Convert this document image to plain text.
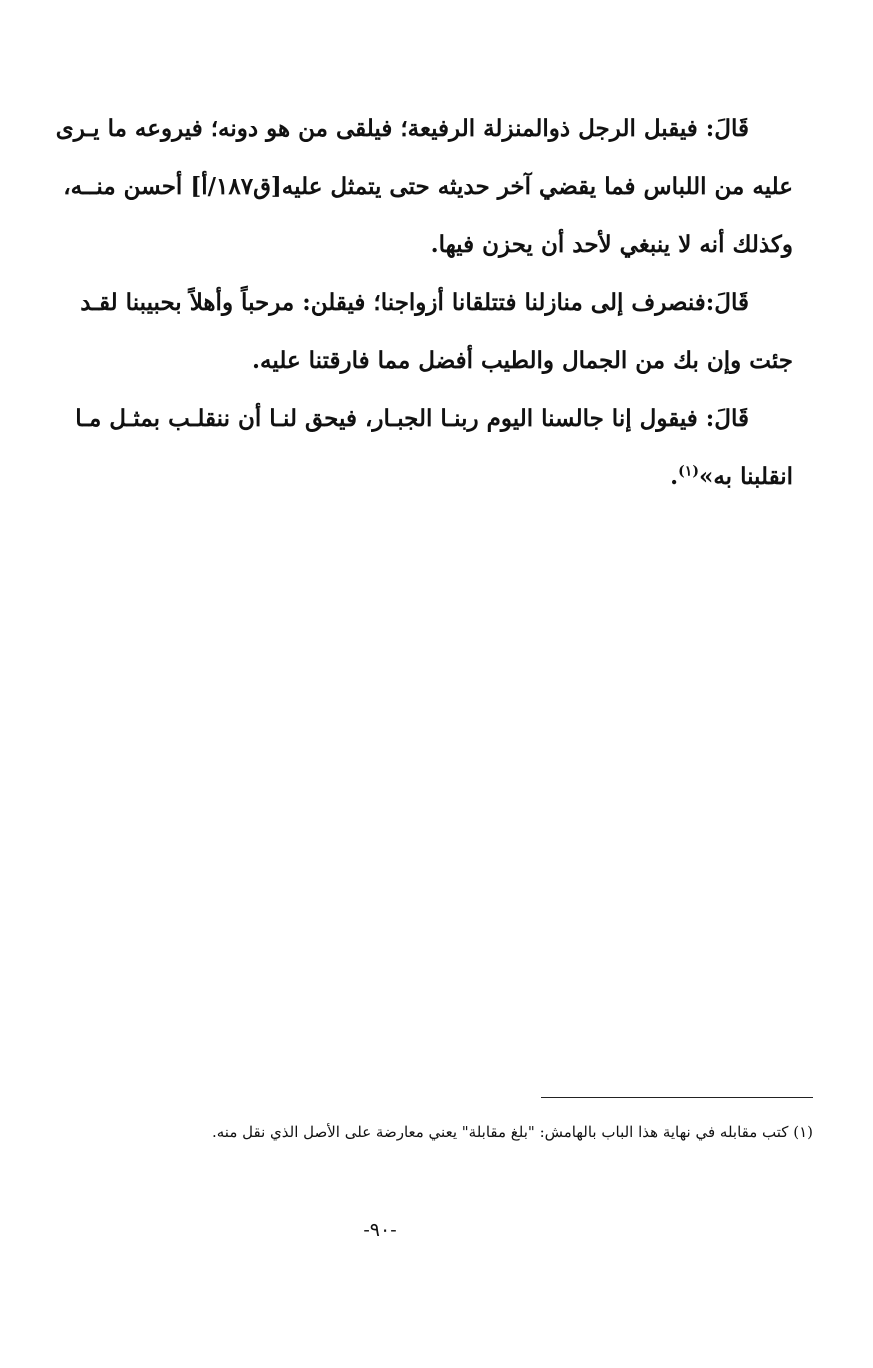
قَالَ: فيقبل الرجل ذوالمنزلة الرفيعة؛ فيلقى من هو دونه؛ فيروعه ما يـرى
عليه من اللباس فما يقضي آخر حديثه حتى يتمثل عليه[ق١٨٧/أ] أحسن منــه،
وكذلك أنه لا ينبغي لأحد أن يحزن فيها.
قَالَ:فنصرف إلى منازلنا فتتلقانا أزواجنا؛ فيقلن: مرحباً وأهلاً بحبيبنا لقـد
جئت وإن بك من الجمال والطيب أفضل مما فارقتنا عليه.
قَالَ: فيقول إنا جالسنا اليوم ربنـا الجبـار، فيحق لنـا أن ننقلـب بمثـل مـا
انقلبنا به»$^{(١)}$.
(١) كتب مقابله في نهاية هذا الباب بالهامش: "بلغ مقابلة" يعني معارضة على الأصل الذي نقل منه.
-٩٠-
